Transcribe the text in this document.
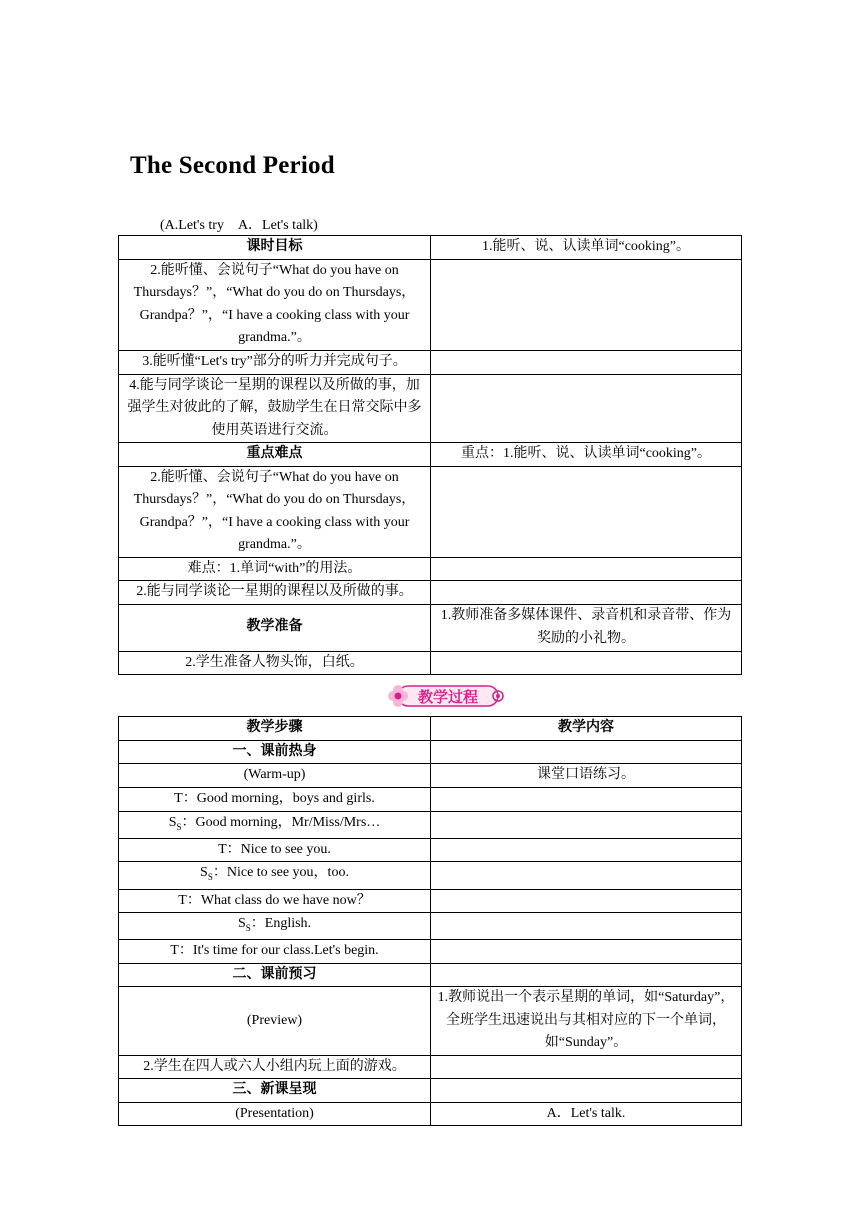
The Second Period
(A.Let's try　A．Let's talk)
课时目标	1.能听、说、认读单词“cooking”。
2.能听懂、会说句子“What do you have on Thursdays？”，“What do you do on Thursdays，Grandpa？”，“I have a cooking class with your grandma.”。	
3.能听懂“Let's try”部分的听力并完成句子。	
4.能与同学谈论一星期的课程以及所做的事，加强学生对彼此的了解，鼓励学生在日常交际中多使用英语进行交流。	
重点难点	重点：1.能听、说、认读单词“cooking”。
2.能听懂、会说句子“What do you have on Thursdays？”，“What do you do on Thursdays，Grandpa？”，“I have a cooking class with your grandma.”。	
难点：1.单词“with”的用法。	
2.能与同学谈论一星期的课程以及所做的事。	
教学准备	1.教师准备多媒体课件、录音机和录音带、作为奖励的小礼物。
2.学生准备人物头饰，白纸。	
教学过程
教学步骤	教学内容
一、课前热身	
(Warm-up)	课堂口语练习。
T：Good morning，boys and girls.	
$S_S$：Good morning，Mr/Miss/Mrs…	
T：Nice to see you.	
$S_S$：Nice to see you，too.	
T：What class do we have now？	
$S_S$：English.	
T：It's time for our class.Let's begin.	
二、课前预习	
(Preview)	1.教师说出一个表示星期的单词，如“Saturday”，全班学生迅速说出与其相对应的下一个单词，如“Sunday”。
2.学生在四人或六人小组内玩上面的游戏。	
三、新课呈现	
(Presentation)	A．Let's talk.
